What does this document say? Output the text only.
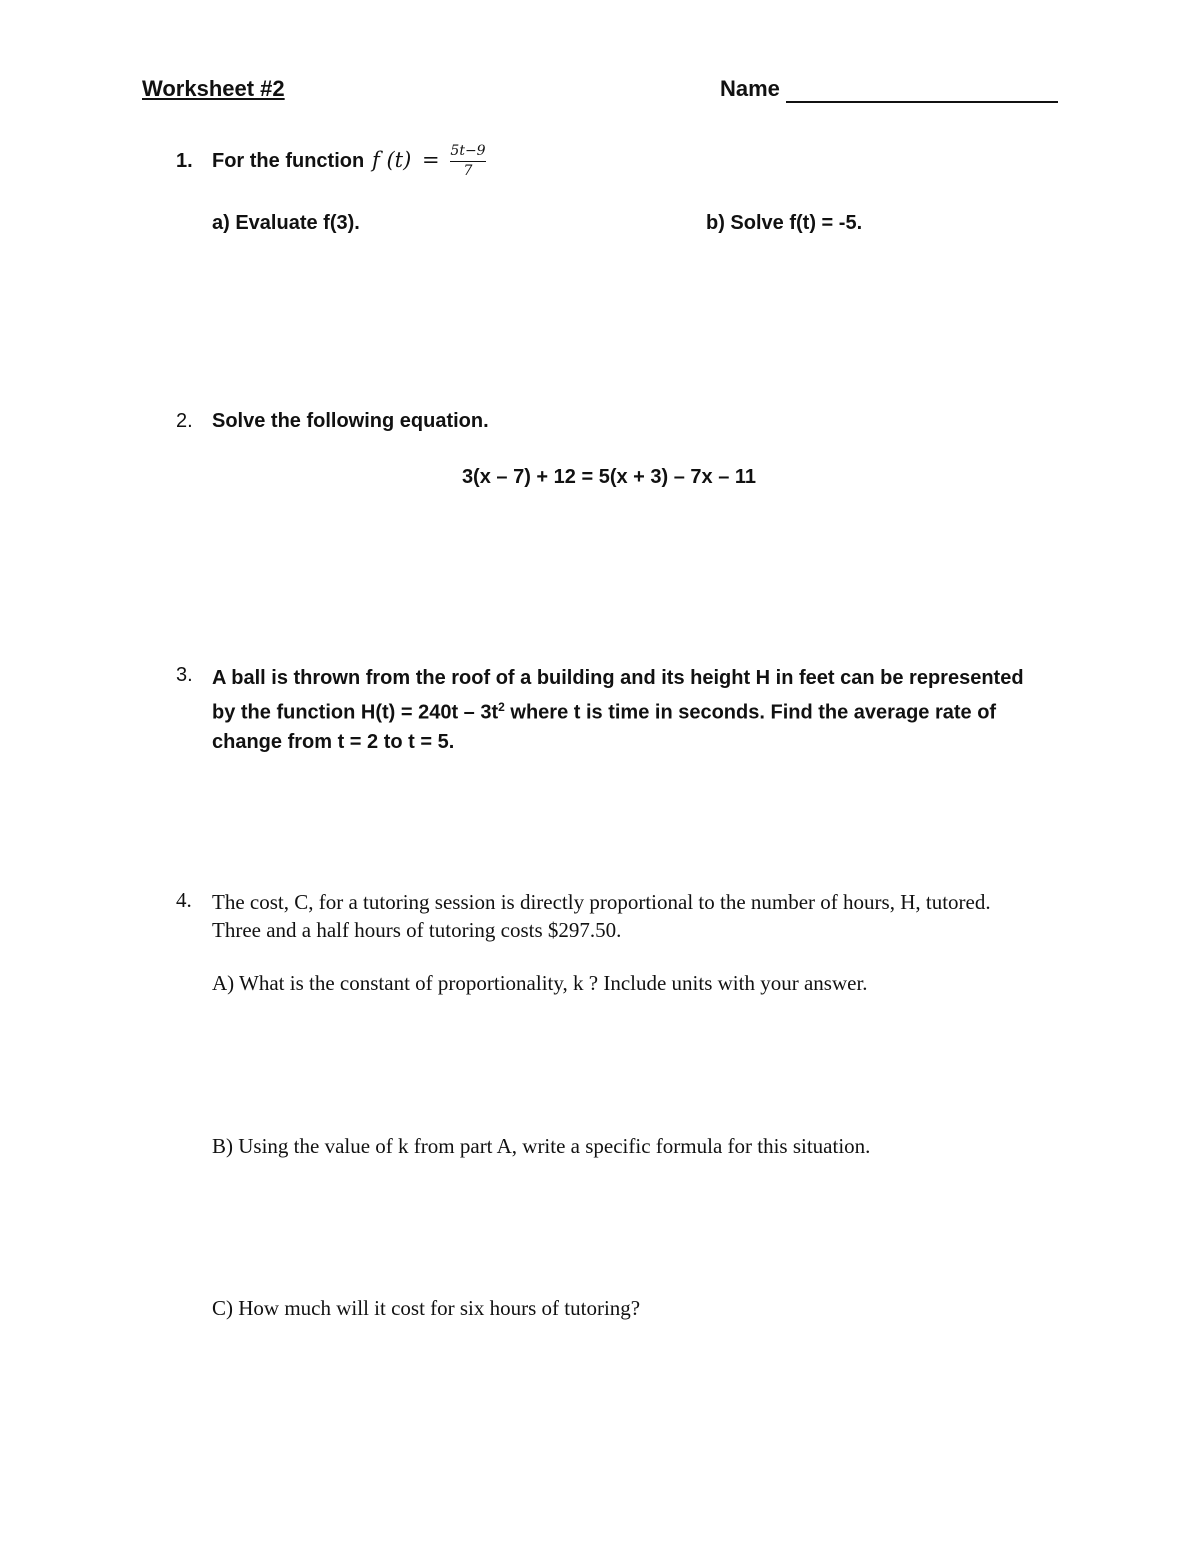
Worksheet #2	Name
1. For the function f (t) = 5t−9
7
a) Evaluate f(3).	b) Solve f(t) = -5.
2. Solve the following equation.
3(x – 7) + 12 = 5(x + 3) – 7x – 11
3. A ball is thrown from the roof of a building and its height H in feet can be represented by the function $H(t) = 240t - 3t^2$ where t is time in seconds. Find the average rate of change from t = 2 to t = 5.
4. The cost, C, for a tutoring session is directly proportional to the number of hours, H, tutored. Three and a half hours of tutoring costs $297.50.
A) What is the constant of proportionality, k ? Include units with your answer.
B) Using the value of k from part A, write a specific formula for this situation.
C) How much will it cost for six hours of tutoring?
